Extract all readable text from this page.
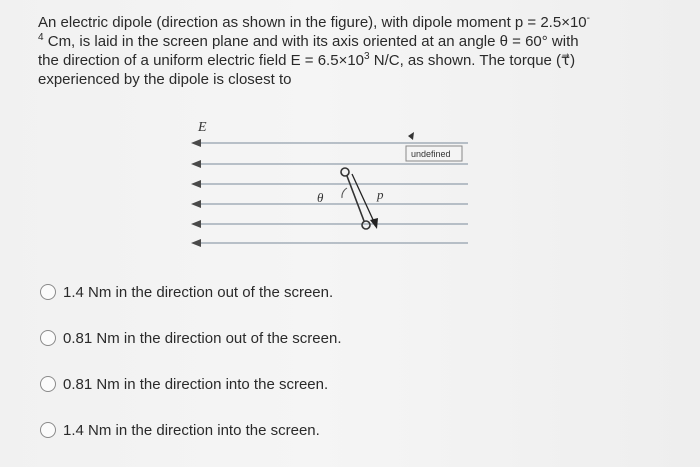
An electric dipole (direction as shown in the figure), with dipole moment p = 2.5×10-
$^4$ Cm, is laid in the screen plane and with its axis oriented at an angle θ = 60° with
the direction of a uniform electric field $E = 6.5\times 10^3$ N/C, as shown. The torque (τ⃗)
experienced by the dipole is closest to
E⃗
θ	p⃗
undefined
1.4 Nm in the direction out of the screen.
0.81 Nm in the direction out of the screen.
0.81 Nm in the direction into the screen.
1.4 Nm in the direction into the screen.
